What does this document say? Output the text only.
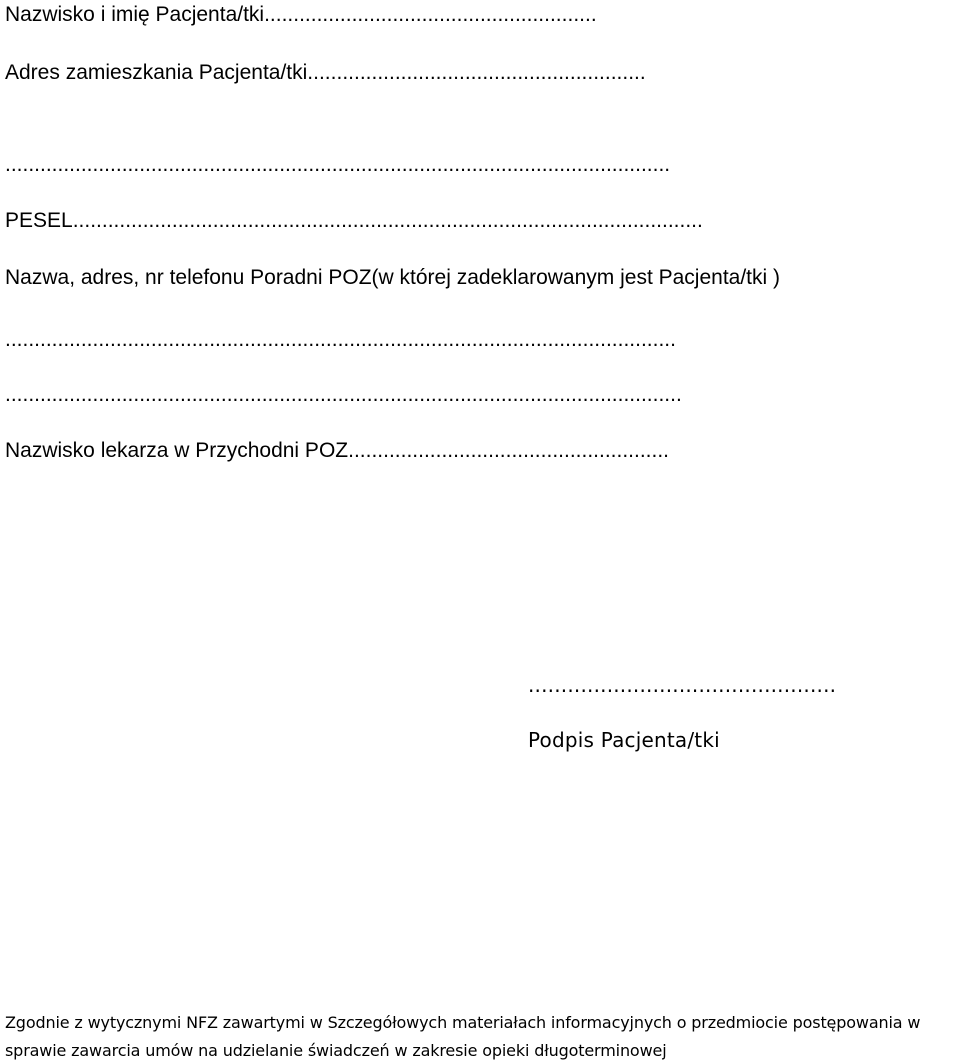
Nazwisko i imię Pacjenta/tki.........................................................
Adres zamieszkania Pacjenta/tki..........................................................
..................................................................................................................
PESEL............................................................................................................
Nazwa, adres, nr telefonu Poradni POZ(w której zadeklarowanym jest Pacjenta/tki )
...................................................................................................................
....................................................................................................................
Nazwisko lekarza w Przychodni POZ.......................................................
...............................................
Podpis Pacjenta/tki
Zgodnie z wytycznymi NFZ zawartymi w Szczegółowych materiałach informacyjnych o przedmiocie postępowania w
sprawie zawarcia umów na udzielanie świadczeń w zakresie opieki długoterminowej
